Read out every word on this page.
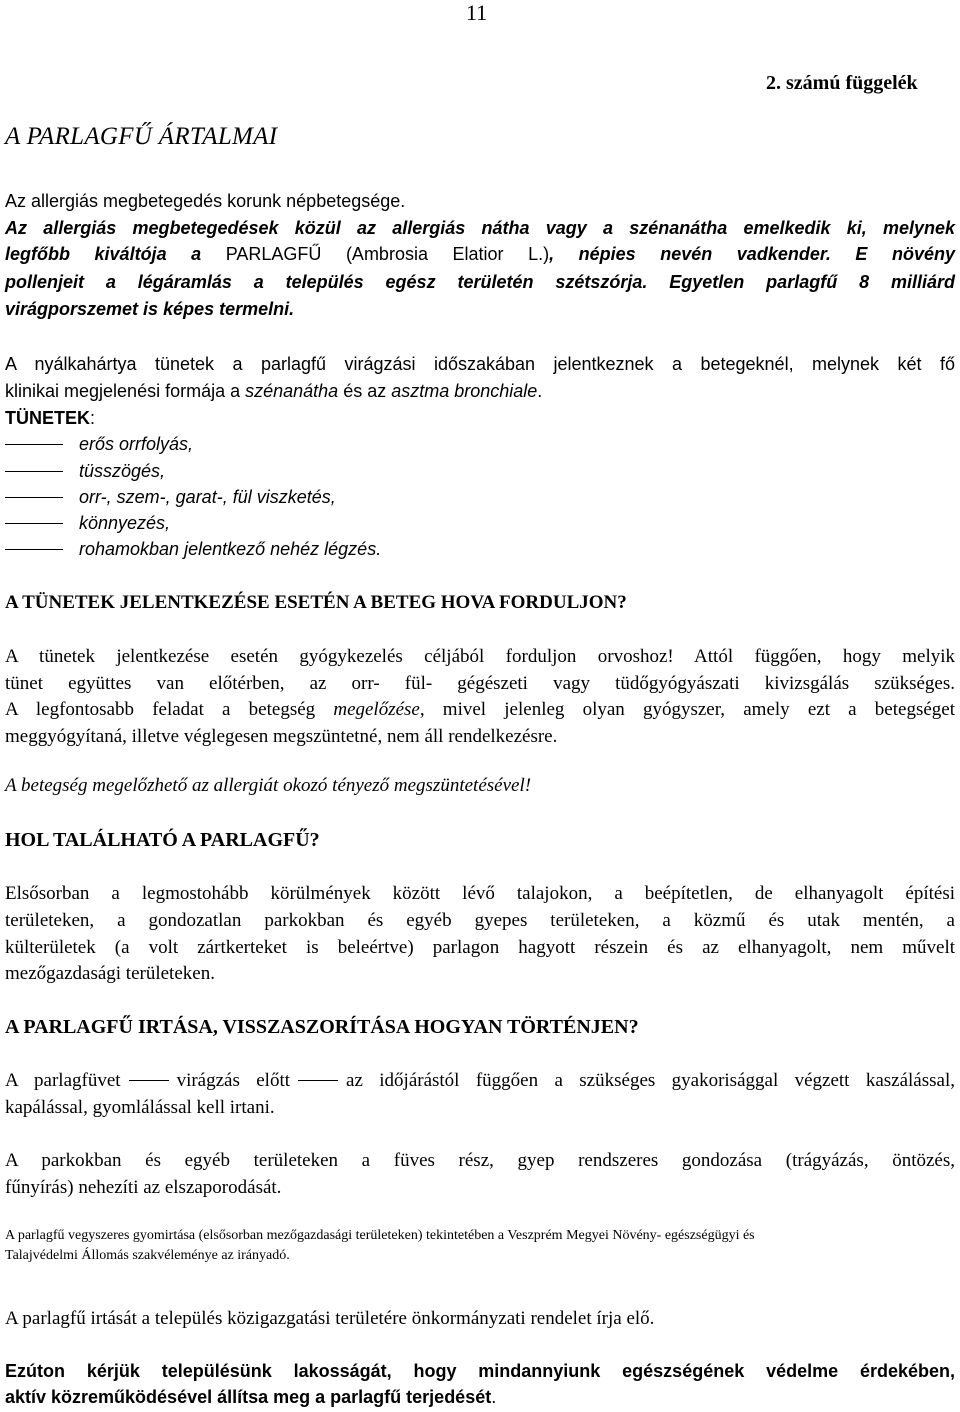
11
2. számú függelék
A PARLAGFŰ ÁRTALMAI
Az allergiás megbetegedés korunk népbetegsége.
Az allergiás megbetegedések közül az allergiás nátha vagy a szénanátha emelkedik ki, melynek
legfőbb kiváltója a PARLAGFŰ (Ambrosia Elatior L.), népies nevén vadkender. E növény
pollenjeit a légáramlás a település egész területén szétszórja. Egyetlen parlagfű 8 milliárd
virágporszemet is képes termelni.
A nyálkahártya tünetek a parlagfű virágzási időszakában jelentkeznek a betegeknél, melynek két fő
klinikai megjelenési formája a szénanátha és az asztma bronchiale.
TÜNETEK:
erős orrfolyás,
tüsszögés,
orr-, szem-, garat-, fül viszketés,
könnyezés,
rohamokban jelentkező nehéz légzés.
A TÜNETEK JELENTKEZÉSE ESETÉN A BETEG HOVA FORDULJON?
A tünetek jelentkezése esetén gyógykezelés céljából forduljon orvoshoz! Attól függően, hogy melyik
tünet együttes van előtérben, az orr- fül- gégészeti vagy tüdőgyógyászati kivizsgálás szükséges.
A legfontosabb feladat a betegség megelőzése, mivel jelenleg olyan gyógyszer, amely ezt a betegséget
meggyógyítaná, illetve véglegesen megszüntetné, nem áll rendelkezésre.
A betegség megelőzhető az allergiát okozó tényező megszüntetésével!
HOL TALÁLHATÓ A PARLAGFŰ?
Elsősorban a legmostohább körülmények között lévő talajokon, a beépítetlen, de elhanyagolt építési
területeken, a gondozatlan parkokban és egyéb gyepes területeken, a közmű és utak mentén, a
külterületek (a volt zártkerteket is beleértve) parlagon hagyott részein és az elhanyagolt, nem művelt
mezőgazdasági területeken.
A PARLAGFŰ IRTÁSA, VISSZASZORÍTÁSA HOGYAN TÖRTÉNJEN?
A parlagfüvet	virágzás előtt	az időjárástól függően a szükséges gyakorisággal végzett kaszálással,
kapálással, gyomlálással kell irtani.
A parkokban és egyéb területeken a füves rész, gyep rendszeres gondozása (trágyázás, öntözés,
fűnyírás) nehezíti az elszaporodását.
A parlagfű vegyszeres gyomirtása (elsősorban mezőgazdasági területeken) tekintetében a Veszprém Megyei Növény- egészségügyi és
Talajvédelmi Állomás szakvéleménye az irányadó.
A parlagfű irtását a település közigazgatási területére önkormányzati rendelet írja elő.
Ezúton kérjük településünk lakosságát, hogy mindannyiunk egészségének védelme érdekében,
aktív közreműködésével állítsa meg a parlagfű terjedését.
